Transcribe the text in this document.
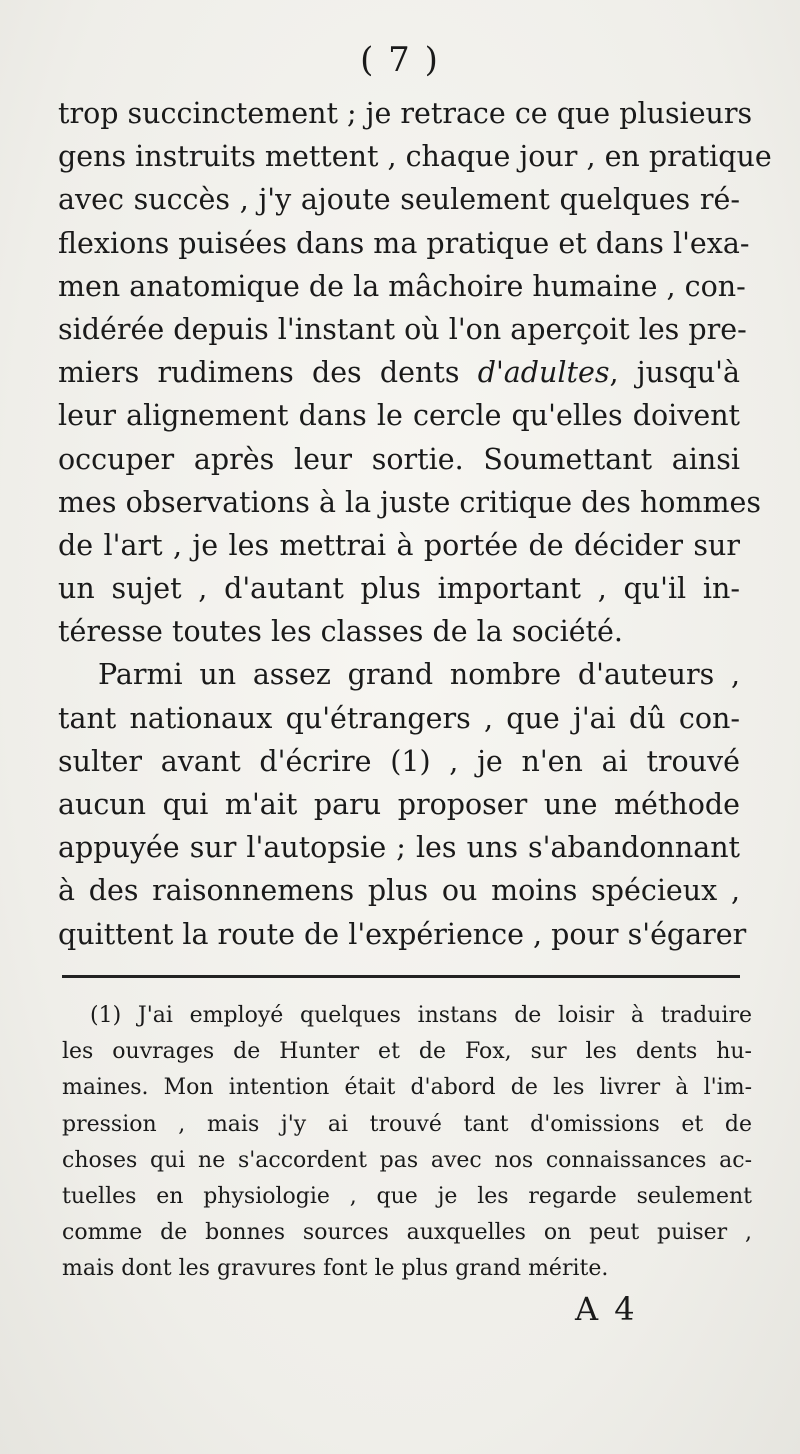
( 7 )
trop succinctement ; je retrace ce que plusieurs
gens instruits mettent , chaque jour , en pratique
avec succès , j'y ajoute seulement quelques ré-
flexions puisées dans ma pratique et dans l'exa-
men anatomique de la mâchoire humaine , con-
sidérée depuis l'instant où l'on aperçoit les pre-
miers rudimens des dents d'adultes, jusqu'à
leur alignement dans le cercle qu'elles doivent
occuper après leur sortie. Soumettant ainsi
mes observations à la juste critique des hommes
de l'art , je les mettrai à portée de décider sur
un sujet , d'autant plus important , qu'il in-
téresse toutes les classes de la société.
Parmi un assez grand nombre d'auteurs ,
tant nationaux qu'étrangers , que j'ai dû con-
sulter avant d'écrire (1) , je n'en ai trouvé
aucun qui m'ait paru proposer une méthode
appuyée sur l'autopsie ; les uns s'abandonnant
à des raisonnemens plus ou moins spécieux ,
quittent la route de l'expérience , pour s'égarer
(1) J'ai employé quelques instans de loisir à traduire
les ouvrages de Hunter et de Fox, sur les dents hu-
maines. Mon intention était d'abord de les livrer à l'im-
pression , mais j'y ai trouvé tant d'omissions et de
choses qui ne s'accordent pas avec nos connaissances ac-
tuelles en physiologie , que je les regarde seulement
comme de bonnes sources auxquelles on peut puiser ,
mais dont les gravures font le plus grand mérite.
A 4
